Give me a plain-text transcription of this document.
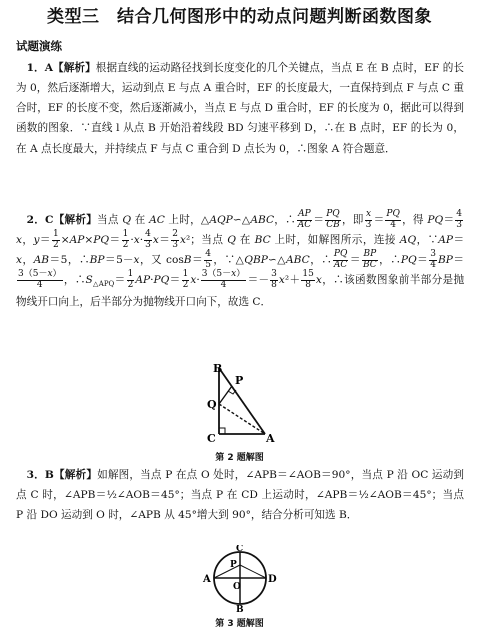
类型三　结合几何图形中的动点问题判断函数图象
试题演练
 1．A【解析】根据直线的运动路径找到长度变化的几个关键点，当点 E 在 B 点时，EF 的长为 0，然后逐渐增大，运动到点 E 与点 A 重合时，EF 的长度最大，一直保持到点 F 与点 C 重合时，EF 的长度不变，然后逐渐减小，当点 E 与点 D 重合时，EF 的长度为 0，据此可以得到函数的图象．∵直线 l 从点 B 开始沿着线段 BD 匀速平移到 D，∴在 B 点时，EF 的长为 0，在 A 点长度最大，并持续点 F 与点 C 重合到 D 点长为 0，∴图象 A 符合题意．
 2．C【解析】当点 Q 在 AC 上时，△AQP∽△ABC，∴ $\frac{AP}{AC} = \frac{PQ}{CB}$ ，即 $\frac{x}{3} = \frac{PQ}{4}$ ，得 $PQ= \frac{4}{3}$
x，$y= \frac{1}{2} \times AP\times PQ= \frac{1}{2} \cdot x\cdot \frac{4}{3} x= \frac{2}{3} x^2$；当点 Q 在 BC 上时，如解图所示，连接 AQ，∵AP＝x，AB＝5，∴BP＝5－x，又 $\cos B= \frac{4}{5}$ ，∵△QBP∽△ABC，∴ $\frac{PQ}{AC} = \frac{BP}{BC}$ ，∴PQ＝ $\frac{3}{4} BP=$
$\frac{3(5-x)}{4}$ ，$\therefore S_{\triangle APQ}= \frac{1}{2} AP\cdot PQ= \frac{1}{2} x\cdot \frac{3(5-x)}{4} =- \frac{3}{8} x^2+ \frac{15}{8}$ x，∴该函数图象前半部分是抛物线开口向上，后半部分为抛物线开口向下，故选 C．
B
P
Q
C	A
第 2 题解图
 3．B【解析】如解图，当点 P 在点 O 处时，∠APB＝∠AOB＝90°，当点 P 沿 OC 运动到点 C 时，∠APB＝½∠AOB＝45°；当点 P 在 CD 上运动时，∠APB＝½∠AOB＝45°；当点 P 沿 DO 运动到 O 时，∠APB 从 45°增大到 90°，结合分析可知选 B．
C
A
P
O
D
B
第 3 题解图
